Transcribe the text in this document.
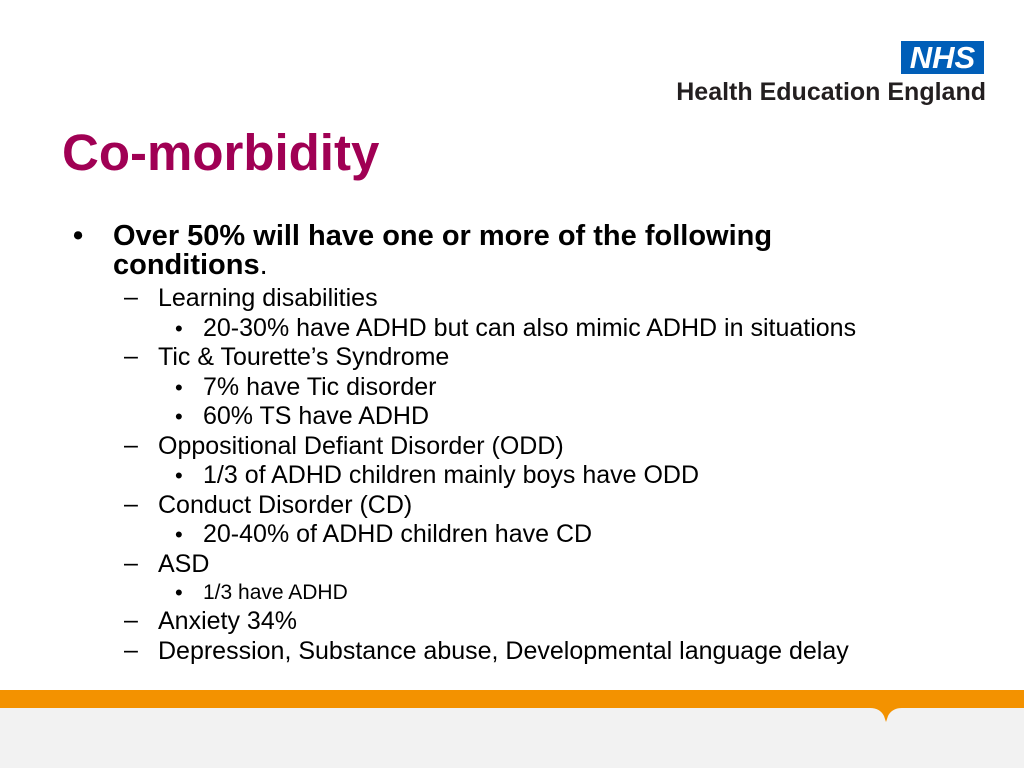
NHS
Health Education England
Co-morbidity
• Over 50% will have one or more of the following conditions.
– Learning disabilities
• 20-30% have ADHD but can also mimic ADHD in situations
– Tic & Tourette’s Syndrome
• 7% have Tic disorder
• 60% TS have ADHD
– Oppositional Defiant Disorder (ODD)
• 1/3 of ADHD children mainly boys have ODD
– Conduct Disorder (CD)
• 20-40% of ADHD children have CD
– ASD
• 1/3 have ADHD
– Anxiety 34%
– Depression, Substance abuse, Developmental language delay
